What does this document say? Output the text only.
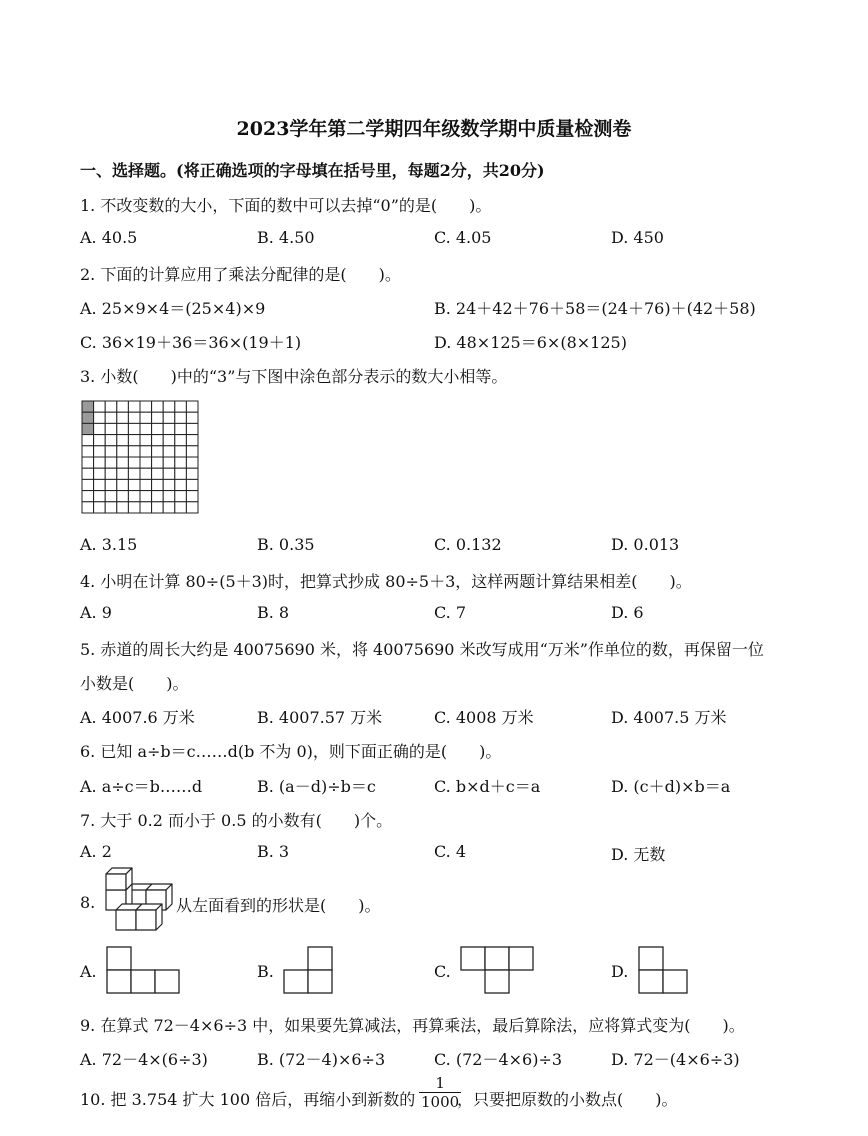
2023学年第二学期四年级数学期中质量检测卷
一、选择题。(将正确选项的字母填在括号里，每题2分，共20分)
1. 不改变数的大小，下面的数中可以去掉“0”的是(　　)。
A. 40.5	B. 4.50	C. 4.05	D. 450
2. 下面的计算应用了乘法分配律的是(　　)。
A. 25×9×4＝(25×4)×9	B. 24＋42＋76＋58＝(24＋76)＋(42＋58)
C. 36×19＋36＝36×(19＋1)	D. 48×125＝6×(8×125)
3. 小数(　　)中的“3”与下图中涂色部分表示的数大小相等。
A. 3.15	B. 0.35	C. 0.132	D. 0.013
4. 小明在计算 80÷(5＋3)时，把算式抄成 80÷5＋3，这样两题计算结果相差(　　)。
A. 9	B. 8	C. 7	D. 6
5. 赤道的周长大约是 40075690 米，将 40075690 米改写成用“万米”作单位的数，再保留一位
小数是(　　)。
A. 4007.6 万米	B. 4007.57 万米	C. 4008 万米	D. 4007.5 万米
6. 已知 a÷b＝c……d(b 不为 0)，则下面正确的是(　　)。
A. a÷c＝b……d	B. (a－d)÷b＝c	C. b×d＋c＝a	D. (c＋d)×b＝a
7. 大于 0.2 而小于 0.5 的小数有(　　)个。
A. 2	B. 3	C. 4	D. 无数
8.	从左面看到的形状是(　　)。
A.	B.	C.	D.
9. 在算式 72－4×6÷3 中，如果要先算减法，再算乘法，最后算除法，应将算式变为(　　)。
A. 72－4×(6÷3)	B. (72－4)×6÷3	C. (72－4×6)÷3	D. 72－(4×6÷3)
10. 把 3.754 扩大 100 倍后，再缩小到新数的
1
1000
，只要把原数的小数点(　　)。
